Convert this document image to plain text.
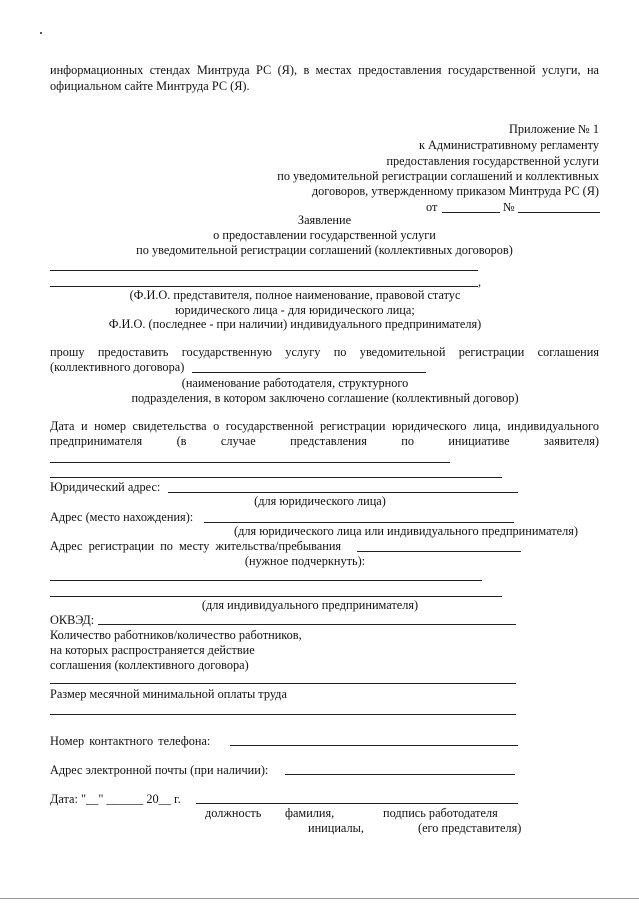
информационных стендах Минтруда РС (Я), в местах предоставления государственной услуги, на
официальном сайте Минтруда РС (Я).
Приложение № 1
к Административному регламенту
предоставления государственной услуги
по уведомительной регистрации соглашений и коллективных
договоров, утвержденному приказом Минтруда РС (Я)
от	№
Заявление
о предоставлении государственной услуги
по уведомительной регистрации соглашений (коллективных договоров)
,
(Ф.И.О. представителя, полное наименование, правовой статус
юридического лица - для юридического лица;
Ф.И.О. (последнее - при наличии) индивидуального предпринимателя)
прошу предоставить государственную услугу по уведомительной регистрации соглашения
(коллективного договора)
(наименование работодателя, структурного
подразделения, в котором заключено соглашение (коллективный договор)
Дата и номер свидетельства о государственной регистрации юридического лица, индивидуального
предпринимателя (в случае представления по инициативе заявителя)
Юридический адрес:
(для юридического лица)
Адрес (место нахождения):
(для юридического лица или индивидуального предпринимателя)
Адрес регистрации по месту жительства/пребывания
(нужное подчеркнуть):
(для индивидуального предпринимателя)
ОКВЭД:
Количество работников/количество работников,
на которых распространяется действие
соглашения (коллективного договора)
Размер месячной минимальной оплаты труда
Номер контактного телефона:
Адрес электронной почты (при наличии):
Дата: "__" ______ 20__ г.
должность фамилия,	подпись работодателя
инициалы,	(его представителя)
